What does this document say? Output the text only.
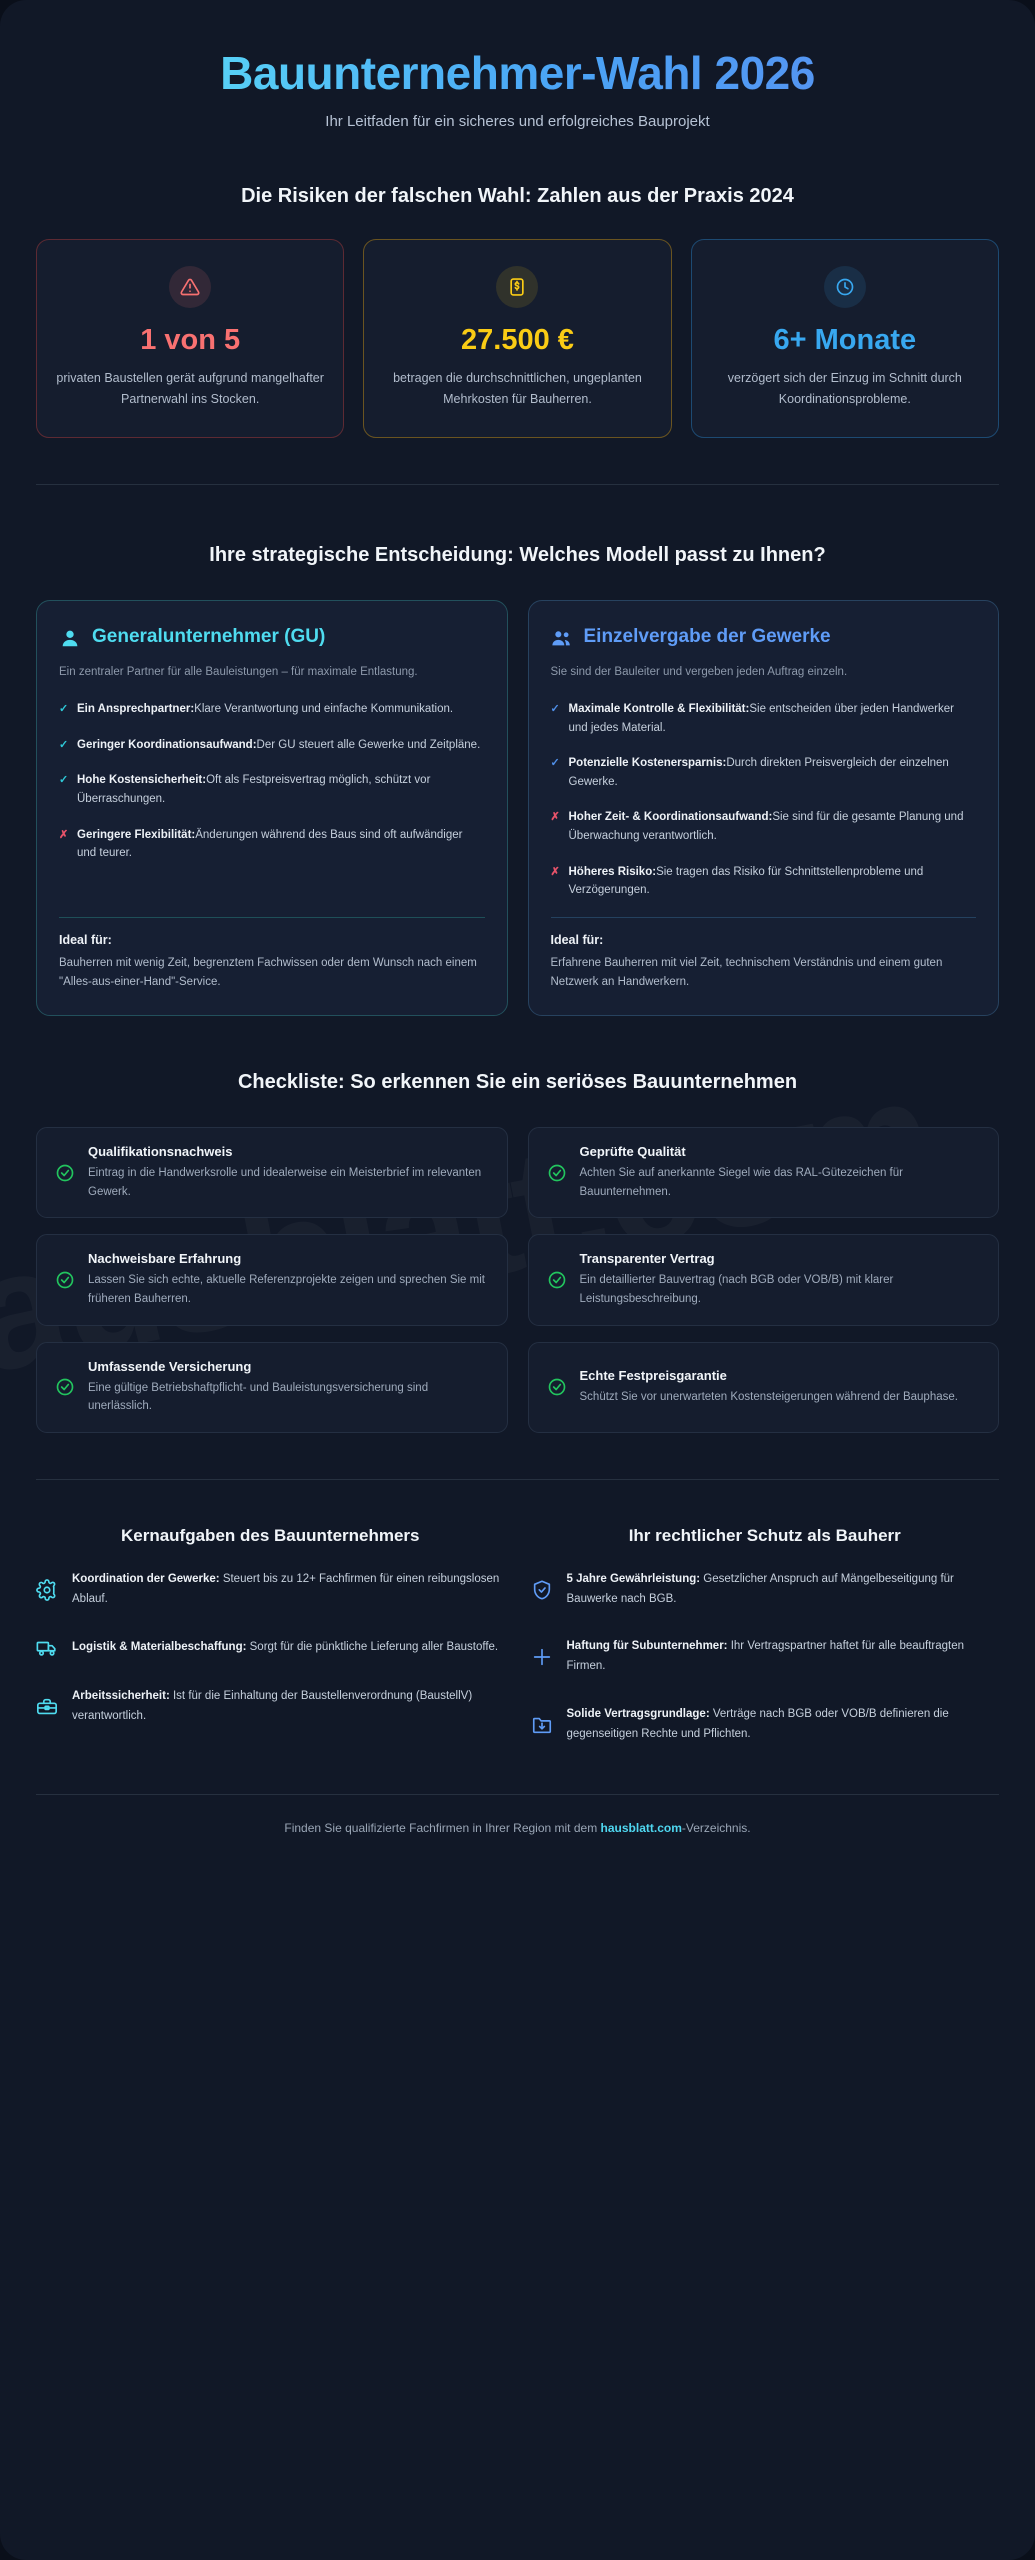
Bauunternehmer-Wahl 2026
Ihr Leitfaden für ein sicheres und erfolgreiches Bauprojekt
Die Risiken der falschen Wahl: Zahlen aus der Praxis 2024
1 von 5
privaten Baustellen gerät aufgrund mangelhafter Partnerwahl ins Stocken.
27.500 €
betragen die durchschnittlichen, ungeplanten Mehrkosten für Bauherren.
6+ Monate
verzögert sich der Einzug im Schnitt durch Koordinationsprobleme.
Ihre strategische Entscheidung: Welches Modell passt zu Ihnen?
Generalunternehmer (GU)
Ein zentraler Partner für alle Bauleistungen – für maximale Entlastung.
✓ Ein Ansprechpartner:Klare Verantwortung und einfache Kommunikation.
✓ Geringer Koordinationsaufwand:Der GU steuert alle Gewerke und Zeitpläne.
✓ Hohe Kostensicherheit:Oft als Festpreisvertrag möglich, schützt vor Überraschungen.
✗ Geringere Flexibilität:Änderungen während des Baus sind oft aufwändiger und teurer.
Ideal für:
Bauherren mit wenig Zeit, begrenztem Fachwissen oder dem Wunsch nach einem "Alles-aus-einer-Hand"-Service.
Einzelvergabe der Gewerke
Sie sind der Bauleiter und vergeben jeden Auftrag einzeln.
✓ Maximale Kontrolle & Flexibilität:Sie entscheiden über jeden Handwerker und jedes Material.
✓ Potenzielle Kostenersparnis:Durch direkten Preisvergleich der einzelnen Gewerke.
✗ Hoher Zeit- & Koordinationsaufwand:Sie sind für die gesamte Planung und Überwachung verantwortlich.
✗ Höheres Risiko:Sie tragen das Risiko für Schnittstellenprobleme und Verzögerungen.
Ideal für:
Erfahrene Bauherren mit viel Zeit, technischem Verständnis und einem guten Netzwerk an Handwerkern.
Checkliste: So erkennen Sie ein seriöses Bauunternehmen
Qualifikationsnachweis
Eintrag in die Handwerksrolle und idealerweise ein Meisterbrief im relevanten Gewerk.
Geprüfte Qualität
Achten Sie auf anerkannte Siegel wie das RAL-Gütezeichen für Bauunternehmen.
Nachweisbare Erfahrung
Lassen Sie sich echte, aktuelle Referenzprojekte zeigen und sprechen Sie mit früheren Bauherren.
Transparenter Vertrag
Ein detaillierter Bauvertrag (nach BGB oder VOB/B) mit klarer Leistungsbeschreibung.
Umfassende Versicherung
Eine gültige Betriebshaftpflicht- und Bauleistungsversicherung sind unerlässlich.
Echte Festpreisgarantie
Schützt Sie vor unerwarteten Kostensteigerungen während der Bauphase.
Kernaufgaben des Bauunternehmers
Koordination der Gewerke: Steuert bis zu 12+ Fachfirmen für einen reibungslosen Ablauf.
Logistik & Materialbeschaffung: Sorgt für die pünktliche Lieferung aller Baustoffe.
Arbeitssicherheit: Ist für die Einhaltung der Baustellenverordnung (BaustellV) verantwortlich.
Ihr rechtlicher Schutz als Bauherr
5 Jahre Gewährleistung: Gesetzlicher Anspruch auf Mängelbeseitigung für Bauwerke nach BGB.
Haftung für Subunternehmer: Ihr Vertragspartner haftet für alle beauftragten Firmen.
Solide Vertragsgrundlage: Verträge nach BGB oder VOB/B definieren die gegenseitigen Rechte und Pflichten.
Finden Sie qualifizierte Fachfirmen in Ihrer Region mit dem hausblatt.com-Verzeichnis.
